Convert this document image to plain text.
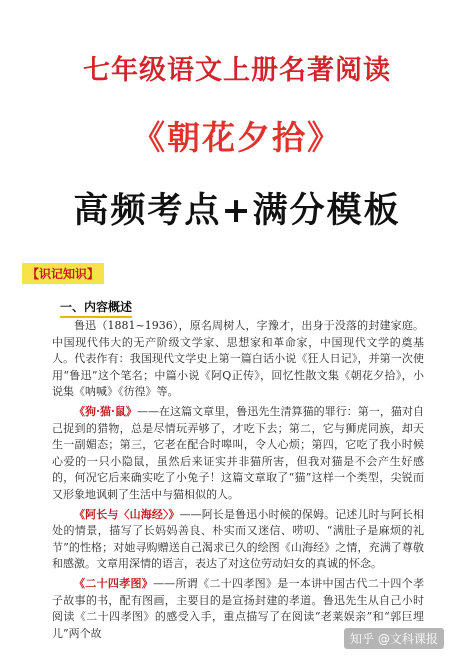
七年级语文上册名著阅读
《朝花夕拾》
高频考点+满分模板
【识记知识】
一、内容概述

鲁迅（1881~1936），原名周树人，字豫才，出身于没落的封建家庭。中国现代伟大的无产阶级文学家、思想家和革命家，中国现代文学的奠基人。代表作有：我国现代文学史上第一篇白话小说《狂人日记》，并第一次使用“鲁迅”这个笔名；中篇小说《阿Q正传》，回忆性散文集《朝花夕拾》，小说集《呐喊》《彷徨》等。

《狗·猫·鼠》——在这篇文章里，鲁迅先生清算猫的罪行：第一，猫对自己捉到的猎物，总是尽情玩弄够了，才吃下去；第二，它与狮虎同族，却天生一副媚态；第三，它老在配合时嗥叫，令人心烦；第四，它吃了我小时候心爱的一只小隐鼠，虽然后来证实并非猫所害，但我对猫是不会产生好感的，何况它后来确实吃了小兔子！这篇文章取了“猫”这样一个类型，尖锐而又形象地讽刺了生活中与猫相似的人。

《阿长与〈山海经〉》——阿长是鲁迅小时候的保姆。记述儿时与阿长相处的情景，描写了长妈妈善良、朴实而又迷信、唠叨、“满肚子是麻烦的礼节”的性格；对她寻购赠送自己渴求已久的绘图《山海经》之情，充满了尊敬和感激。文章用深情的语言，表达了对这位劳动妇女的真诚的怀念。

《二十四孝图》——所谓《二十四孝图》是一本讲中国古代二十四个孝子故事的书，配有图画，主要目的是宣扬封建的孝道。鲁迅先生从自己小时阅读《二十四孝图》的感受入手，重点描写了在阅读“老莱娱亲”和“郭巨埋儿”两个故	知乎 @文科课报
